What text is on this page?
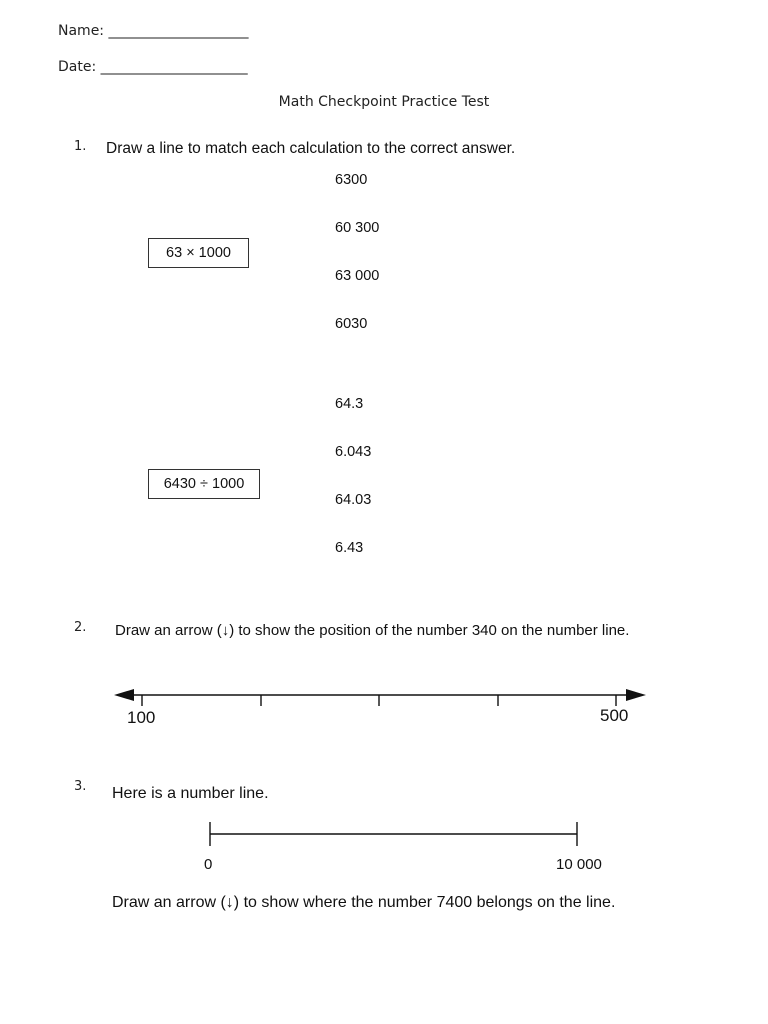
Name: ____________________
Date: _____________________
Math Checkpoint Practice Test
1. Draw a line to match each calculation to the correct answer.
63 × 1000
6300
60 300
63 000
6030
6430 ÷ 1000
64.3
6.043
64.03
6.43
2. Draw an arrow (↓) to show the position of the number 340 on the number line.
100	500
3. Here is a number line.
0	10 000
Draw an arrow (↓) to show where the number 7400 belongs on the line.
